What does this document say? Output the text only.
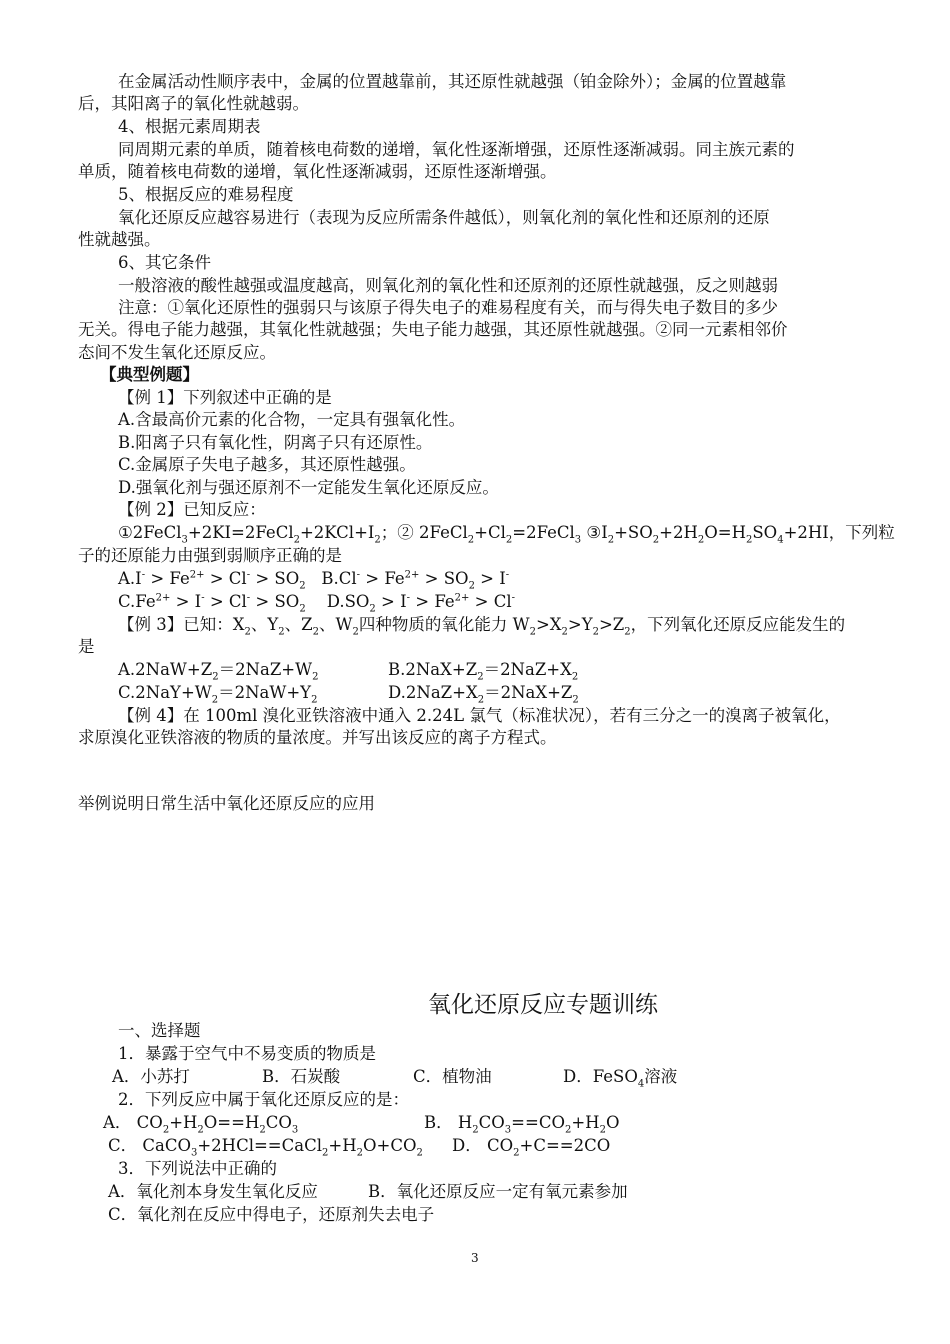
在金属活动性顺序表中，金属的位置越靠前，其还原性就越强（铂金除外）；金属的位置越靠
后，其阳离子的氧化性就越弱。
4、根据元素周期表
同周期元素的单质，随着核电荷数的递增，氧化性逐渐增强，还原性逐渐减弱。同主族元素的
单质，随着核电荷数的递增，氧化性逐渐减弱，还原性逐渐增强。
5、根据反应的难易程度
氧化还原反应越容易进行（表现为反应所需条件越低），则氧化剂的氧化性和还原剂的还原
性就越强。
6、其它条件
一般溶液的酸性越强或温度越高，则氧化剂的氧化性和还原剂的还原性就越强，反之则越弱
注意：①氧化还原性的强弱只与该原子得失电子的难易程度有关，而与得失电子数目的多少
无关。得电子能力越强，其氧化性就越强；失电子能力越强，其还原性就越强。②同一元素相邻价
态间不发生氧化还原反应。
【典型例题】
【例 1】下列叙述中正确的是
A.含最高价元素的化合物，一定具有强氧化性。
B.阳离子只有氧化性，阴离子只有还原性。
C.金属原子失电子越多，其还原性越强。
D.强氧化剂与强还原剂不一定能发生氧化还原反应。
【例 2】已知反应：
$①2FeCl_3+2KI=2FeCl_2+2KCl+I_2$；② $2FeCl_2+Cl_2=2FeCl_3$ $③I_2+SO_2+2H_2O=H_2SO_4+2HI$，下列粒
子的还原能力由强到弱顺序正确的是
$A.I^- > Fe^{2+} > Cl^- > SO_2$   $B.Cl^- > Fe^{2+} > SO_2 > I^-$
$C.Fe^{2+} > I^- > Cl^- > SO_2$    $D.SO_2 > I^- > Fe^{2+} > Cl^-$
【例 3】已知：$X_2$、$Y_2$、$Z_2$、$W_2$四种物质的氧化能力 $W_2>X_2>Y_2>Z_2$，下列氧化还原反应能发生的
是
$A.2NaW+Z_2=2NaZ+W_2$	$B.2NaX+Z_2=2NaZ+X_2$
$C.2NaY+W_2=2NaW+Y_2$	$D.2NaZ+X_2=2NaX+Z_2$
【例 4】在 100ml 溴化亚铁溶液中通入 2.24L 氯气（标准状况），若有三分之一的溴离子被氧化，
求原溴化亚铁溶液的物质的量浓度。并写出该反应的离子方程式。
举例说明日常生活中氧化还原反应的应用
氧化还原反应专题训练
一、选择题
1．暴露于空气中不易变质的物质是
A．小苏打	B．石炭酸	C．植物油	D．FeSO$_4$溶液
2．下列反应中属于氧化还原反应的是：
A． $CO_2+H_2O==H_2CO_3$	B． $H_2CO_3==CO_2+H_2O$
C． $CaCO_3+2HCl==CaCl_2+H_2O+CO_2$ D． $CO_2+C==2CO$
3．下列说法中正确的
A．氧化剂本身发生氧化反应	B．氧化还原反应一定有氧元素参加
C．氧化剂在反应中得电子，还原剂失去电子
3
